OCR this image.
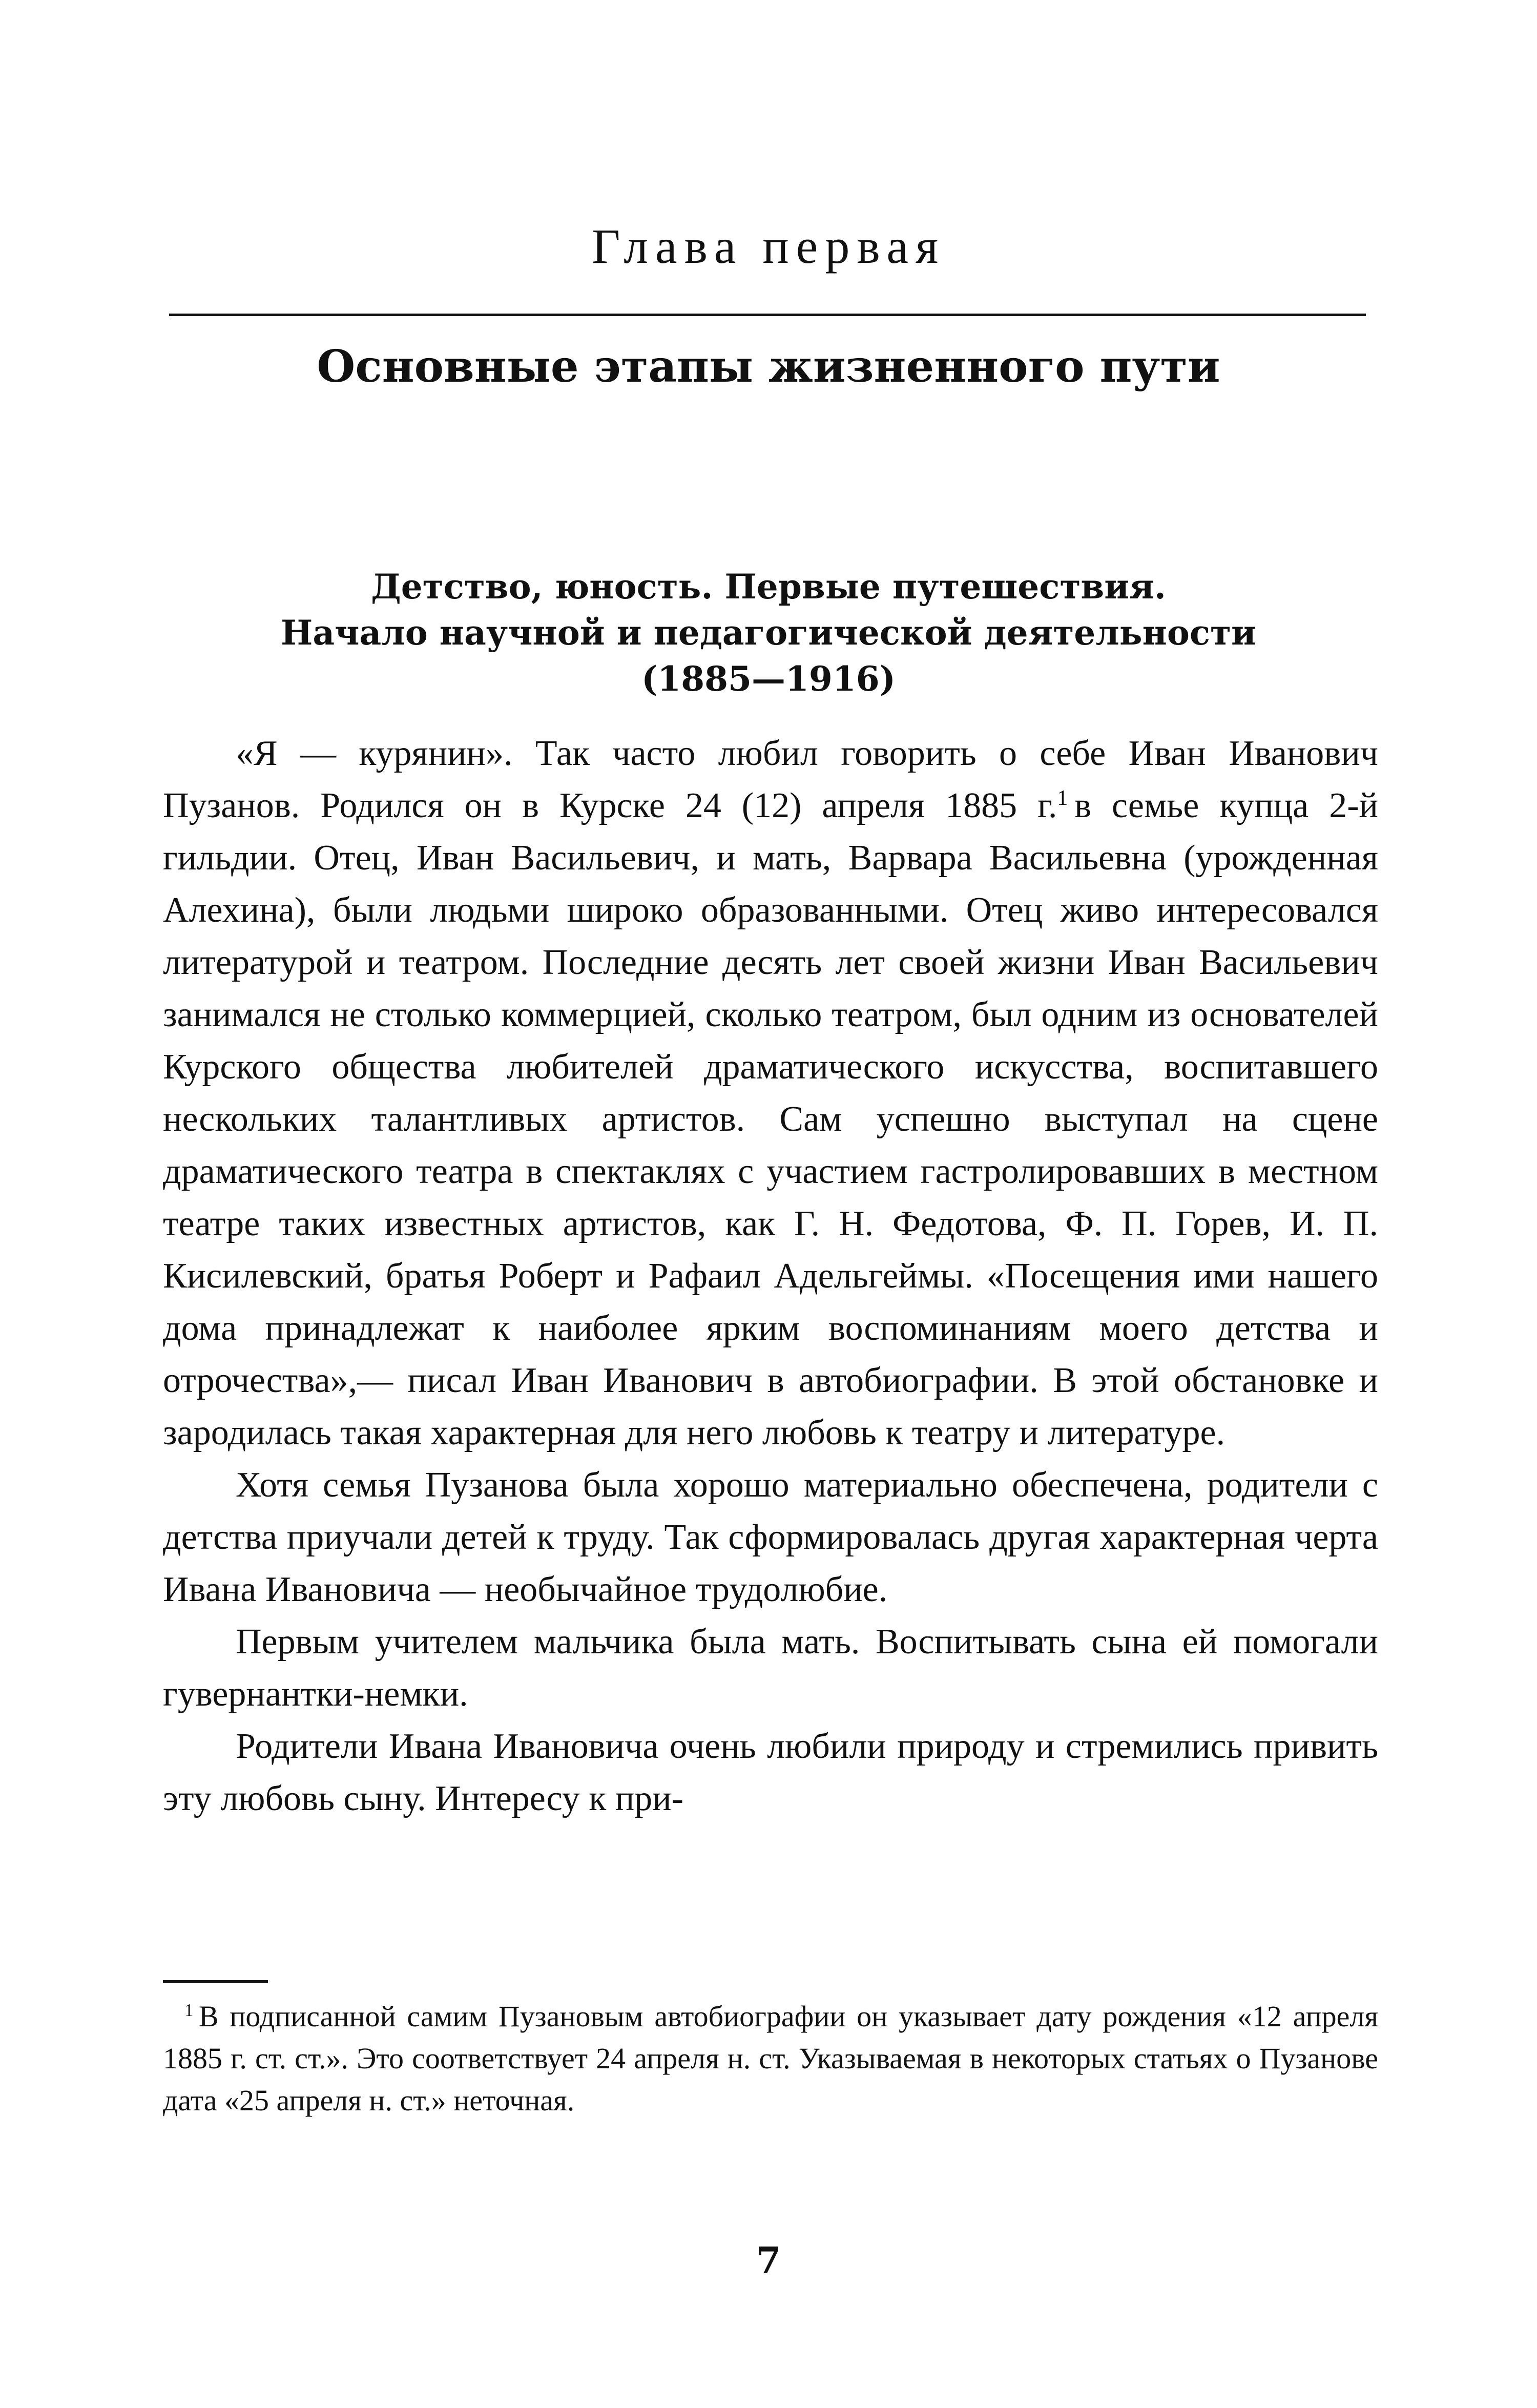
Глава первая
Основные этапы жизненного пути
Детство, юность. Первые путешествия.
Начало научной и педагогической деятельности
(1885—1916)

«Я — курянин». Так часто любил говорить о себе Иван Иванович Пузанов. Родился он в Курске 24 (12) апреля 1885 г.$^1$ в семье купца 2-й гильдии. Отец, Иван Васильевич, и мать, Варвара Васильевна (урожденная Алехина), были людьми широко образованными. Отец живо интересовался литературой и театром. Последние десять лет своей жизни Иван Васильевич занимался не столько коммерцией, сколько театром, был одним из основателей Курского общества любителей драматического искусства, воспитавшего нескольких талантливых артистов. Сам успешно выступал на сцене драматического театра в спектаклях с участием гастролировавших в местном театре таких известных артистов, как Г. Н. Федотова, Ф. П. Горев, И. П. Кисилевский, братья Роберт и Рафаил Адельгеймы. «Посещения ими нашего дома принадлежат к наиболее ярким воспоминаниям моего детства и отрочества»,— писал Иван Иванович в автобиографии. В этой обстановке и зародилась такая характерная для него любовь к театру и литературе.

Хотя семья Пузанова была хорошо материально обеспечена, родители с детства приучали детей к труду. Так сформировалась другая характерная черта Ивана Ивановича — необычайное трудолюбие.

Первым учителем мальчика была мать. Воспитывать сына ей помогали гувернантки-немки.

Родители Ивана Ивановича очень любили природу и стремились привить эту любовь сыну. Интересу к при-

$^1$ В подписанной самим Пузановым автобиографии он указывает дату рождения «12 апреля 1885 г. ст. ст.». Это соответствует 24 апреля н. ст. Указываемая в некоторых статьях о Пузанове дата «25 апреля н. ст.» неточная.
7
